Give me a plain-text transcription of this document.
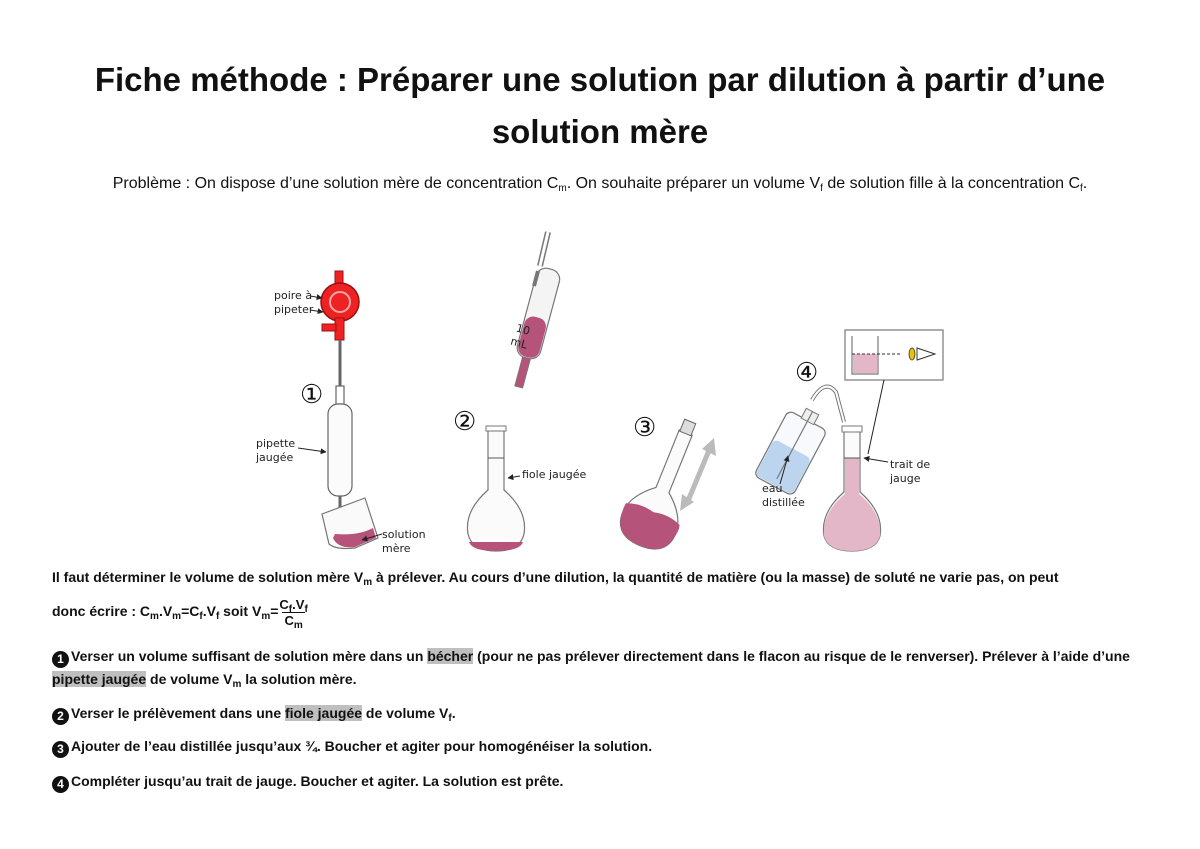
Fiche méthode : Préparer une solution par dilution à partir d’une solution mère
Problème : On dispose d’une solution mère de concentration $C_m$. On souhaite préparer un volume $V_f$ de solution fille à la concentration $C_f$.
①
poire à
pipeter
pipette
jaugée
solution
mère
②
10
mL
fiole jaugée
③
④
eau
distillée
trait de
jauge
Il faut déterminer le volume de solution mère $V_m$ à prélever. Au cours d’une dilution, la quantité de matière (ou la masse) de soluté ne varie pas, on peut
donc écrire : $C_m.V_m=C_f.V_f$ soit $V_m= \frac{C_f.V_f}{C_m}$
1 Verser un volume suffisant de solution mère dans un bécher (pour ne pas prélever directement dans le flacon au risque de le renverser). Prélever à l’aide d’une pipette jaugée de volume $V_m$ la solution mère.
2 Verser le prélèvement dans une fiole jaugée de volume $V_f$.
3 Ajouter de l’eau distillée jusqu’aux ¾. Boucher et agiter pour homogénéiser la solution.
4 Compléter jusqu’au trait de jauge. Boucher et agiter. La solution est prête.
